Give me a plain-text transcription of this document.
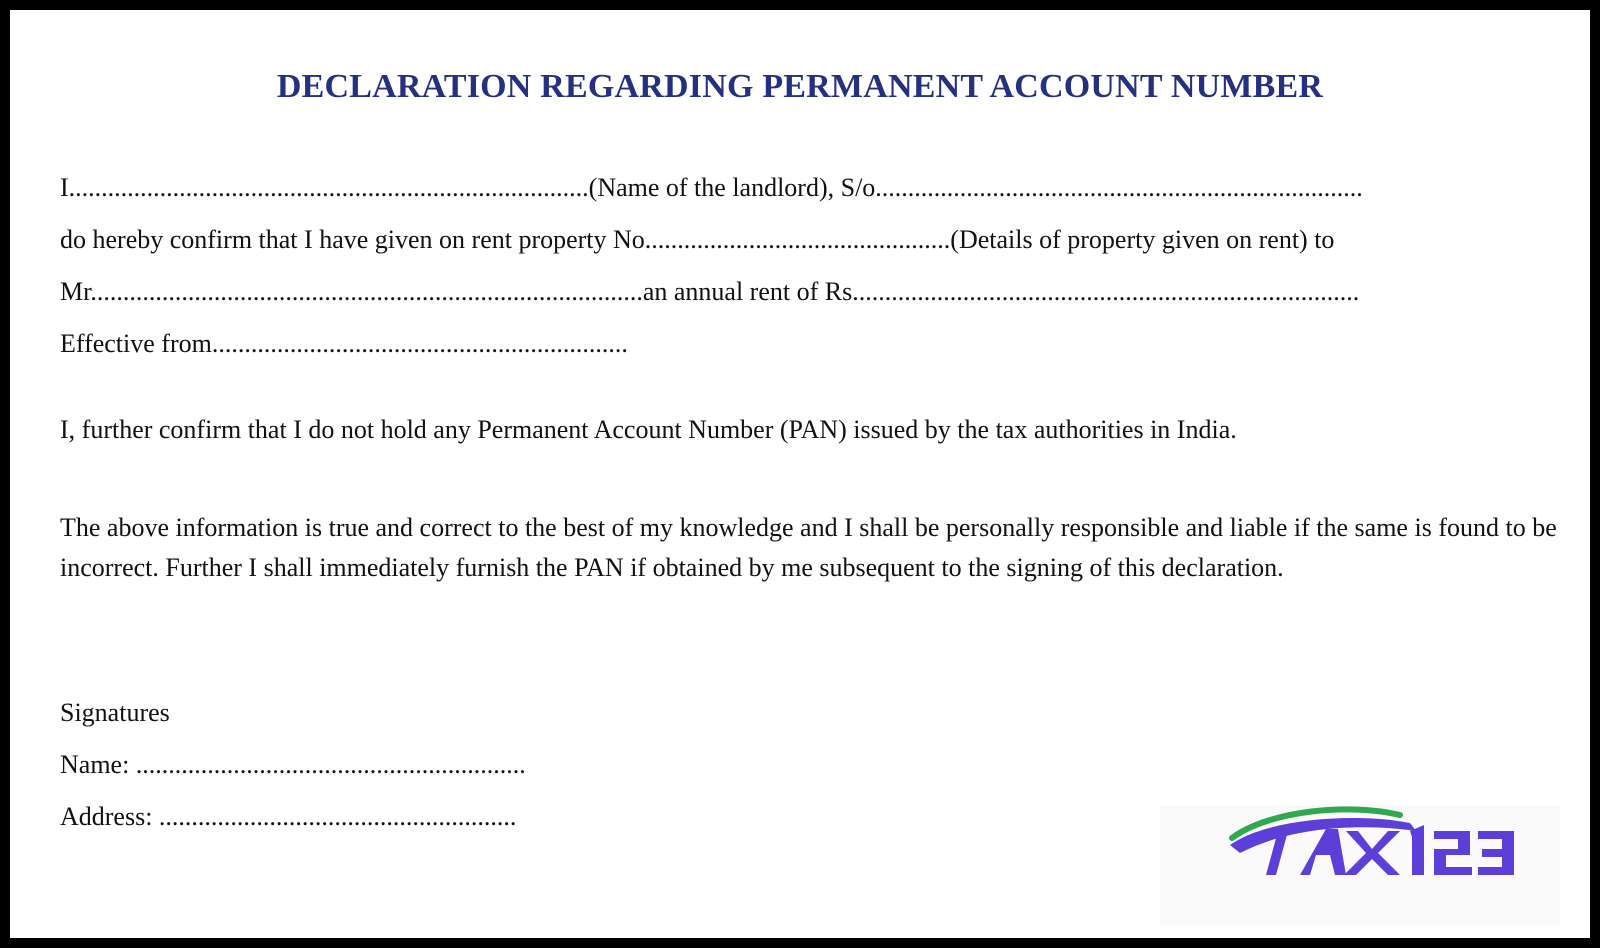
DECLARATION REGARDING PERMANENT ACCOUNT NUMBER
I................................................................................(Name of the landlord), S/o...........................................................................
do hereby confirm that I have given on rent property No...............................................(Details of property given on rent) to
Mr.....................................................................................an annual rent of Rs..............................................................................
Effective from................................................................
I, further confirm that I do not hold any Permanent Account Number (PAN) issued by the tax authorities in India.
The above information is true and correct to the best of my knowledge and I shall be personally responsible and liable if the same is found to be incorrect. Further I shall immediately furnish the PAN if obtained by me subsequent to the signing of this declaration.
Signatures
Name: ............................................................
Address: .......................................................
